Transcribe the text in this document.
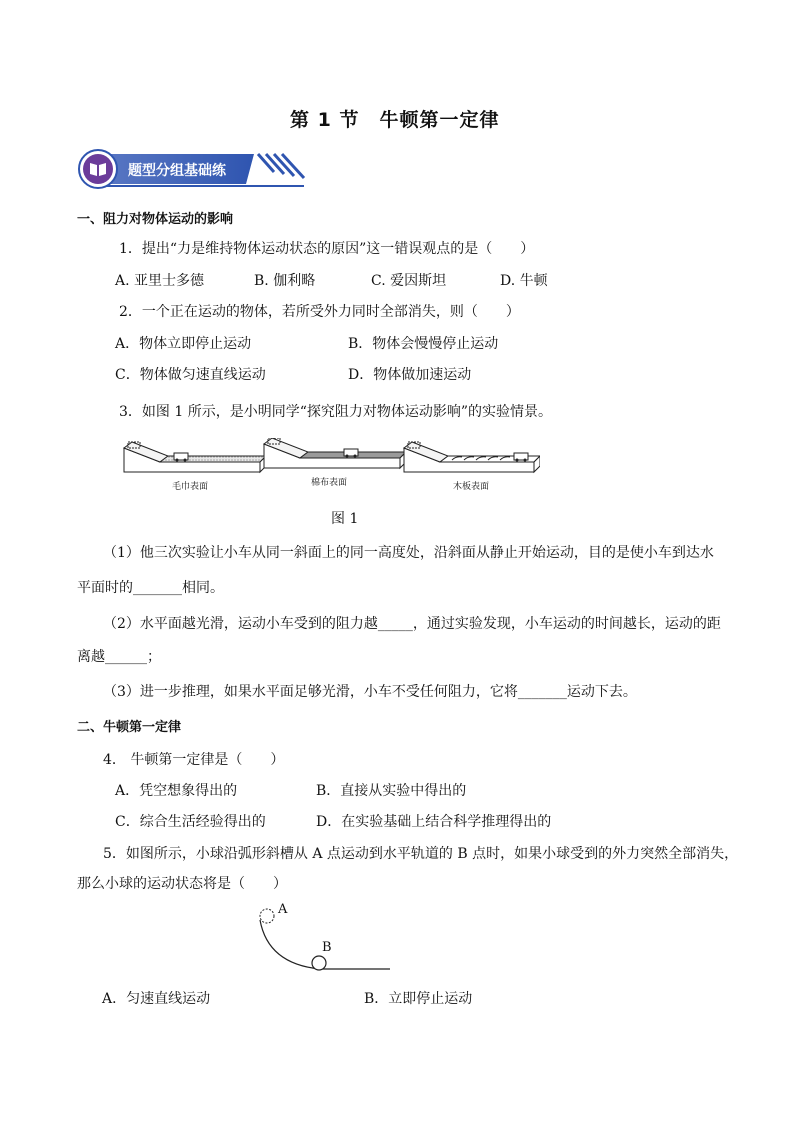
第 1 节　牛顿第一定律
题型分组基础练
一、阻力对物体运动的影响
1．提出“力是维持物体运动状态的原因”这一错误观点的是（　　）
A. 亚里士多德	B. 伽利略	C. 爱因斯坦	D. 牛顿
2．一个正在运动的物体，若所受外力同时全部消失，则（　　）
A．物体立即停止运动	B．物体会慢慢停止运动
C．物体做匀速直线运动	D．物体做加速运动
3．如图 1 所示，是小明同学“探究阻力对物体运动影响”的实验情景。
毛巾表面	棉布表面	木板表面
图 1
（1）他三次实验让小车从同一斜面上的同一高度处，沿斜面从静止开始运动，目的是使小车到达水
平面时的_______相同。
（2）水平面越光滑，运动小车受到的阻力越_____，通过实验发现，小车运动的时间越长，运动的距
离越______；
（3）进一步推理，如果水平面足够光滑，小车不受任何阻力，它将_______运动下去。
二、牛顿第一定律
4． 牛顿第一定律是（　　）
A．凭空想象得出的	B．直接从实验中得出的
C．综合生活经验得出的	D．在实验基础上结合科学推理得出的
5．如图所示，小球沿弧形斜槽从 A 点运动到水平轨道的 B 点时，如果小球受到的外力突然全部消失，
那么小球的运动状态将是（　　）
A
B
A．匀速直线运动	B．立即停止运动
